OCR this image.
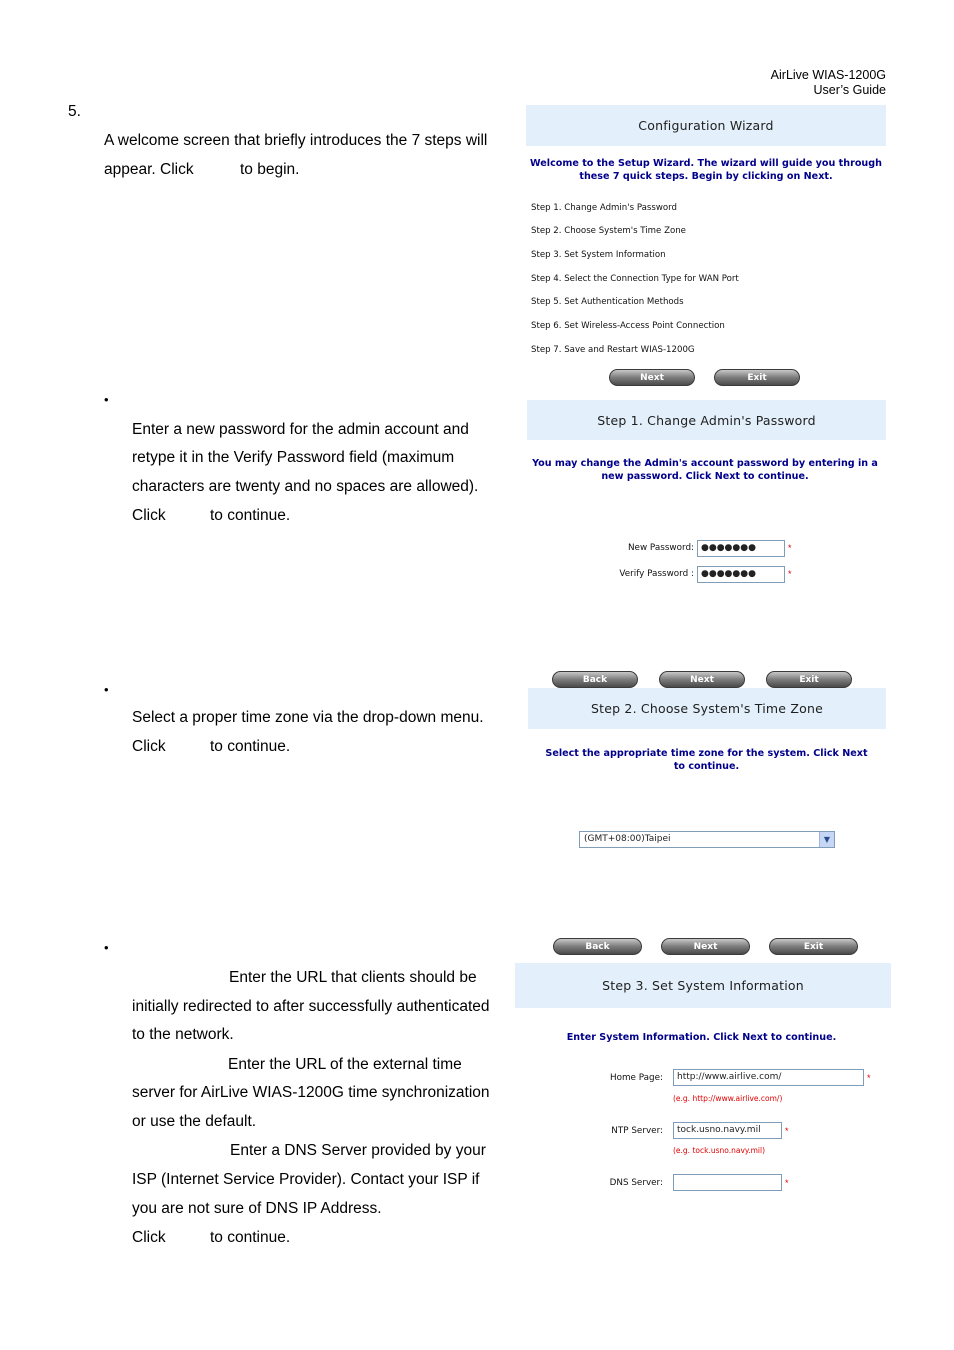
AirLive WIAS-1200G
User’s Guide
5.
A welcome screen that briefly introduces the 7 steps will
appear. Click	to begin.
•
Enter a new password for the admin account and
retype it in the Verify Password field (maximum
characters are twenty and no spaces are allowed).
Click	to continue.
•
Select a proper time zone via the drop-down menu.
Click	to continue.
•
Enter the URL that clients should be
initially redirected to after successfully authenticated
to the network.
Enter the URL of the external time
server for AirLive WIAS-1200G time synchronization
or use the default.
Enter a DNS Server provided by your
ISP (Internet Service Provider). Contact your ISP if
you are not sure of DNS IP Address.
Click	to continue.
Configuration Wizard
Welcome to the Setup Wizard. The wizard will guide you through these 7 quick steps. Begin by clicking on Next.
Step 1. Change Admin's Password
Step 2. Choose System's Time Zone
Step 3. Set System Information
Step 4. Select the Connection Type for WAN Port
Step 5. Set Authentication Methods
Step 6. Set Wireless-Access Point Connection
Step 7. Save and Restart WIAS-1200G
Next	Exit
Step 1. Change Admin's Password
You may change the Admin's account password by entering in a new password. Click Next to continue.
New Password: ●●●●●●●	*
Verify Password : ●●●●●●●	*
Back	Next	Exit
Step 2. Choose System's Time Zone
Select the appropriate time zone for the system. Click Next to continue.
(GMT+08:00)Taipei	▼
Back	Next	Exit
Step 3. Set System Information
Enter System Information. Click Next to continue.
Home Page:	http://www.airlive.com/	*
(e.g. http://www.airlive.com/)
NTP Server:	tock.usno.navy.mil	*
(e.g. tock.usno.navy.mil)
DNS Server:	*
